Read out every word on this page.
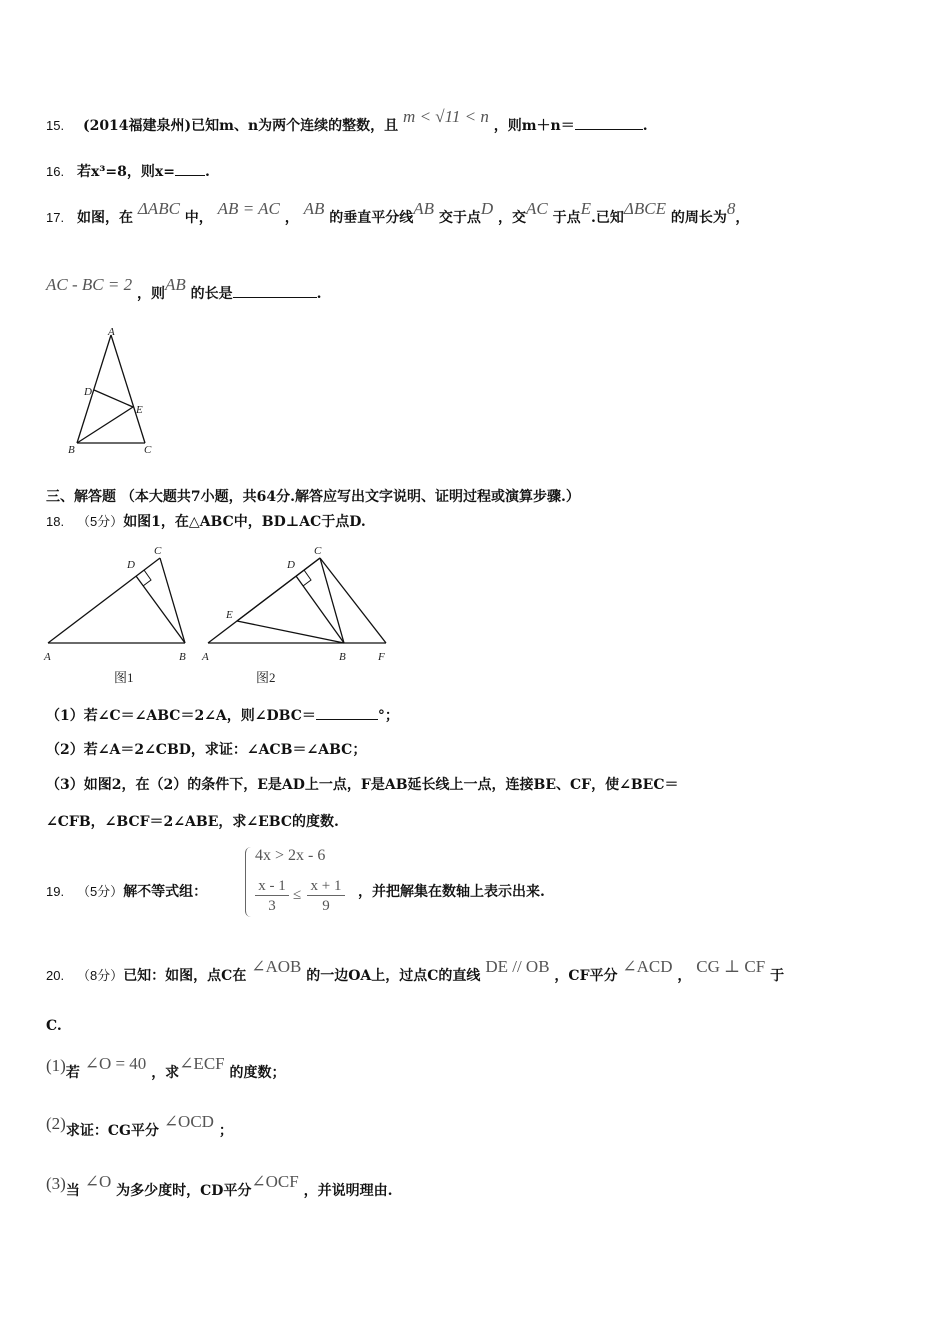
15. (2014福建泉州)已知m、n为两个连续的整数，且 m < √11 < n ，则m＋n＝	.
16. 若x³=8，则x= .
17. 如图，在 ΔABC 中， AB = AC ， AB 的垂直平分线AB 交于点D ，交AC 于点E.已知ΔBCE 的周长为8，
AC - BC = 2 ，则AB 的长是	.
A
D
E
B	C
三、解答题 （本大题共7小题，共64分.解答应写出文字说明、证明过程或演算步骤.）
18. （5分）如图1，在△ABC中，BD⊥AC于点D.
C
D
A	B
图1
C
D
E
A	B	F
图2
（1）若∠C＝∠ABC＝2∠A，则∠DBC＝	°；
（2）若∠A＝2∠CBD，求证：∠ACB＝∠ABC；
（3）如图2，在（2）的条件下，E是AD上一点，F是AB延长线上一点，连接BE、CF，使∠BEC＝
∠CFB，∠BCF＝2∠ABE，求∠EBC的度数.
19. （5分）解不等式组：
4x > 2x - 6
$\frac{x - 1}{3} \le \frac{x + 1}{9}$ ，并把解集在数轴上表示出来.
20. （8分）已知：如图，点C在 ∠AOB 的一边OA上，过点C的直线 DE // OB ，CF平分 ∠ACD ， CG ⊥ CF 于
C.
(1)若 ∠O = 40 ，求∠ECF 的度数；
(2)求证：CG平分 ∠OCD ；
(3)当 ∠O 为多少度时，CD平分∠OCF ，并说明理由.
